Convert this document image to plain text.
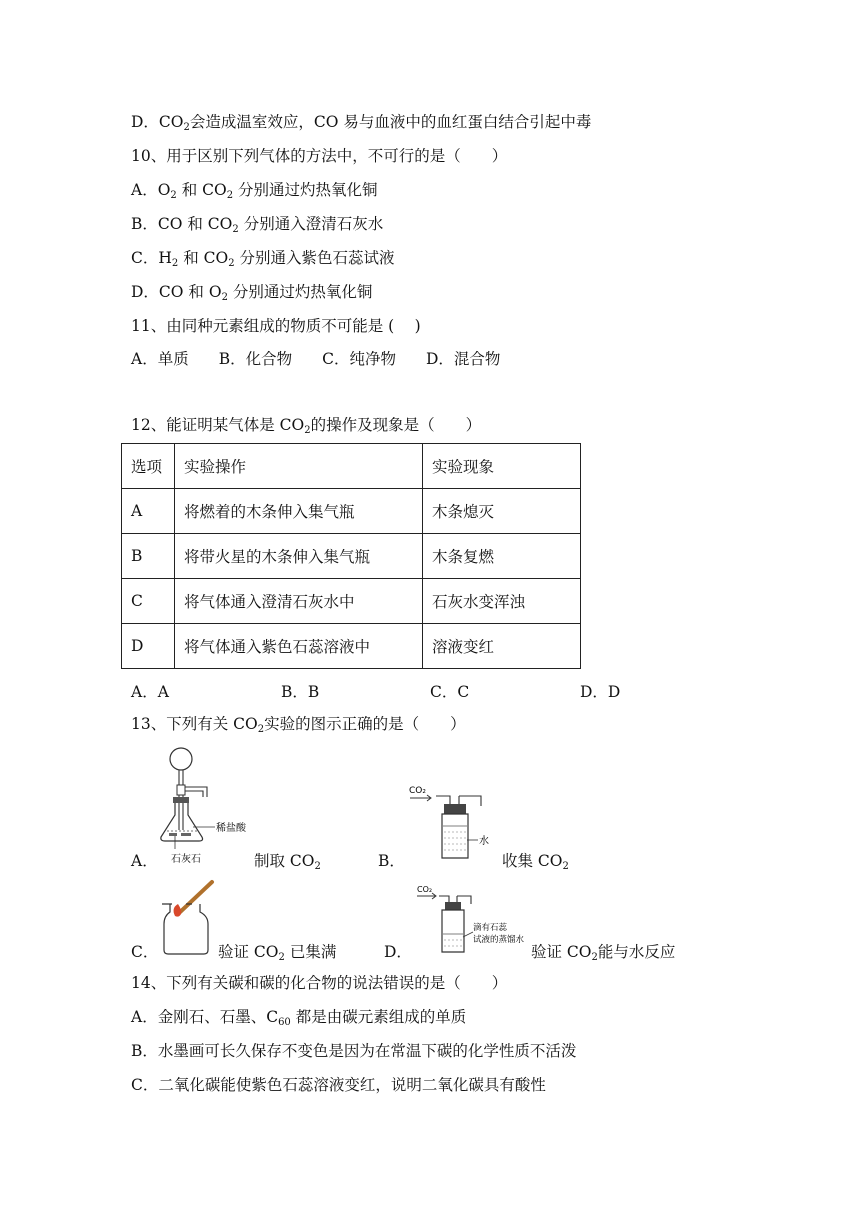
D．$CO_2$会造成温室效应，CO 易与血液中的血红蛋白结合引起中毒
10、用于区别下列气体的方法中，不可行的是（　　）
A．$O_2$ 和 $CO_2$ 分别通过灼热氧化铜
B．CO 和 $CO_2$ 分别通入澄清石灰水
C．$H_2$ 和 $CO_2$ 分别通入紫色石蕊试液
D．CO 和 $O_2$ 分别通过灼热氧化铜
11、由同种元素组成的物质不可能是 (　 )
A．单质 B．化合物 C．纯净物 D．混合物
12、能证明某气体是 $CO_2$的操作及现象是（　　）
选项	实验操作	实验现象
A	将燃着的木条伸入集气瓶	木条熄灭
B	将带火星的木条伸入集气瓶	木条复燃
C	将气体通入澄清石灰水中	石灰水变浑浊
D	将气体通入紫色石蕊溶液中	溶液变红
A．A	B．B	C．C	D．D
13、下列有关 $CO_2$实验的图示正确的是（　　）
A．
稀盐酸
石灰石	制取 $CO_2$	B．
CO₂
水
收集 $CO_2$
C．	验证 $CO_2$ 已集满	D．
CO₂
滴有石蕊
试液的蒸馏水
验证 $CO_2$能与水反应
14、下列有关碳和碳的化合物的说法错误的是（　　）
A．金刚石、石墨、$C_{60}$ 都是由碳元素组成的单质
B．水墨画可长久保存不变色是因为在常温下碳的化学性质不活泼
C．二氧化碳能使紫色石蕊溶液变红，说明二氧化碳具有酸性
